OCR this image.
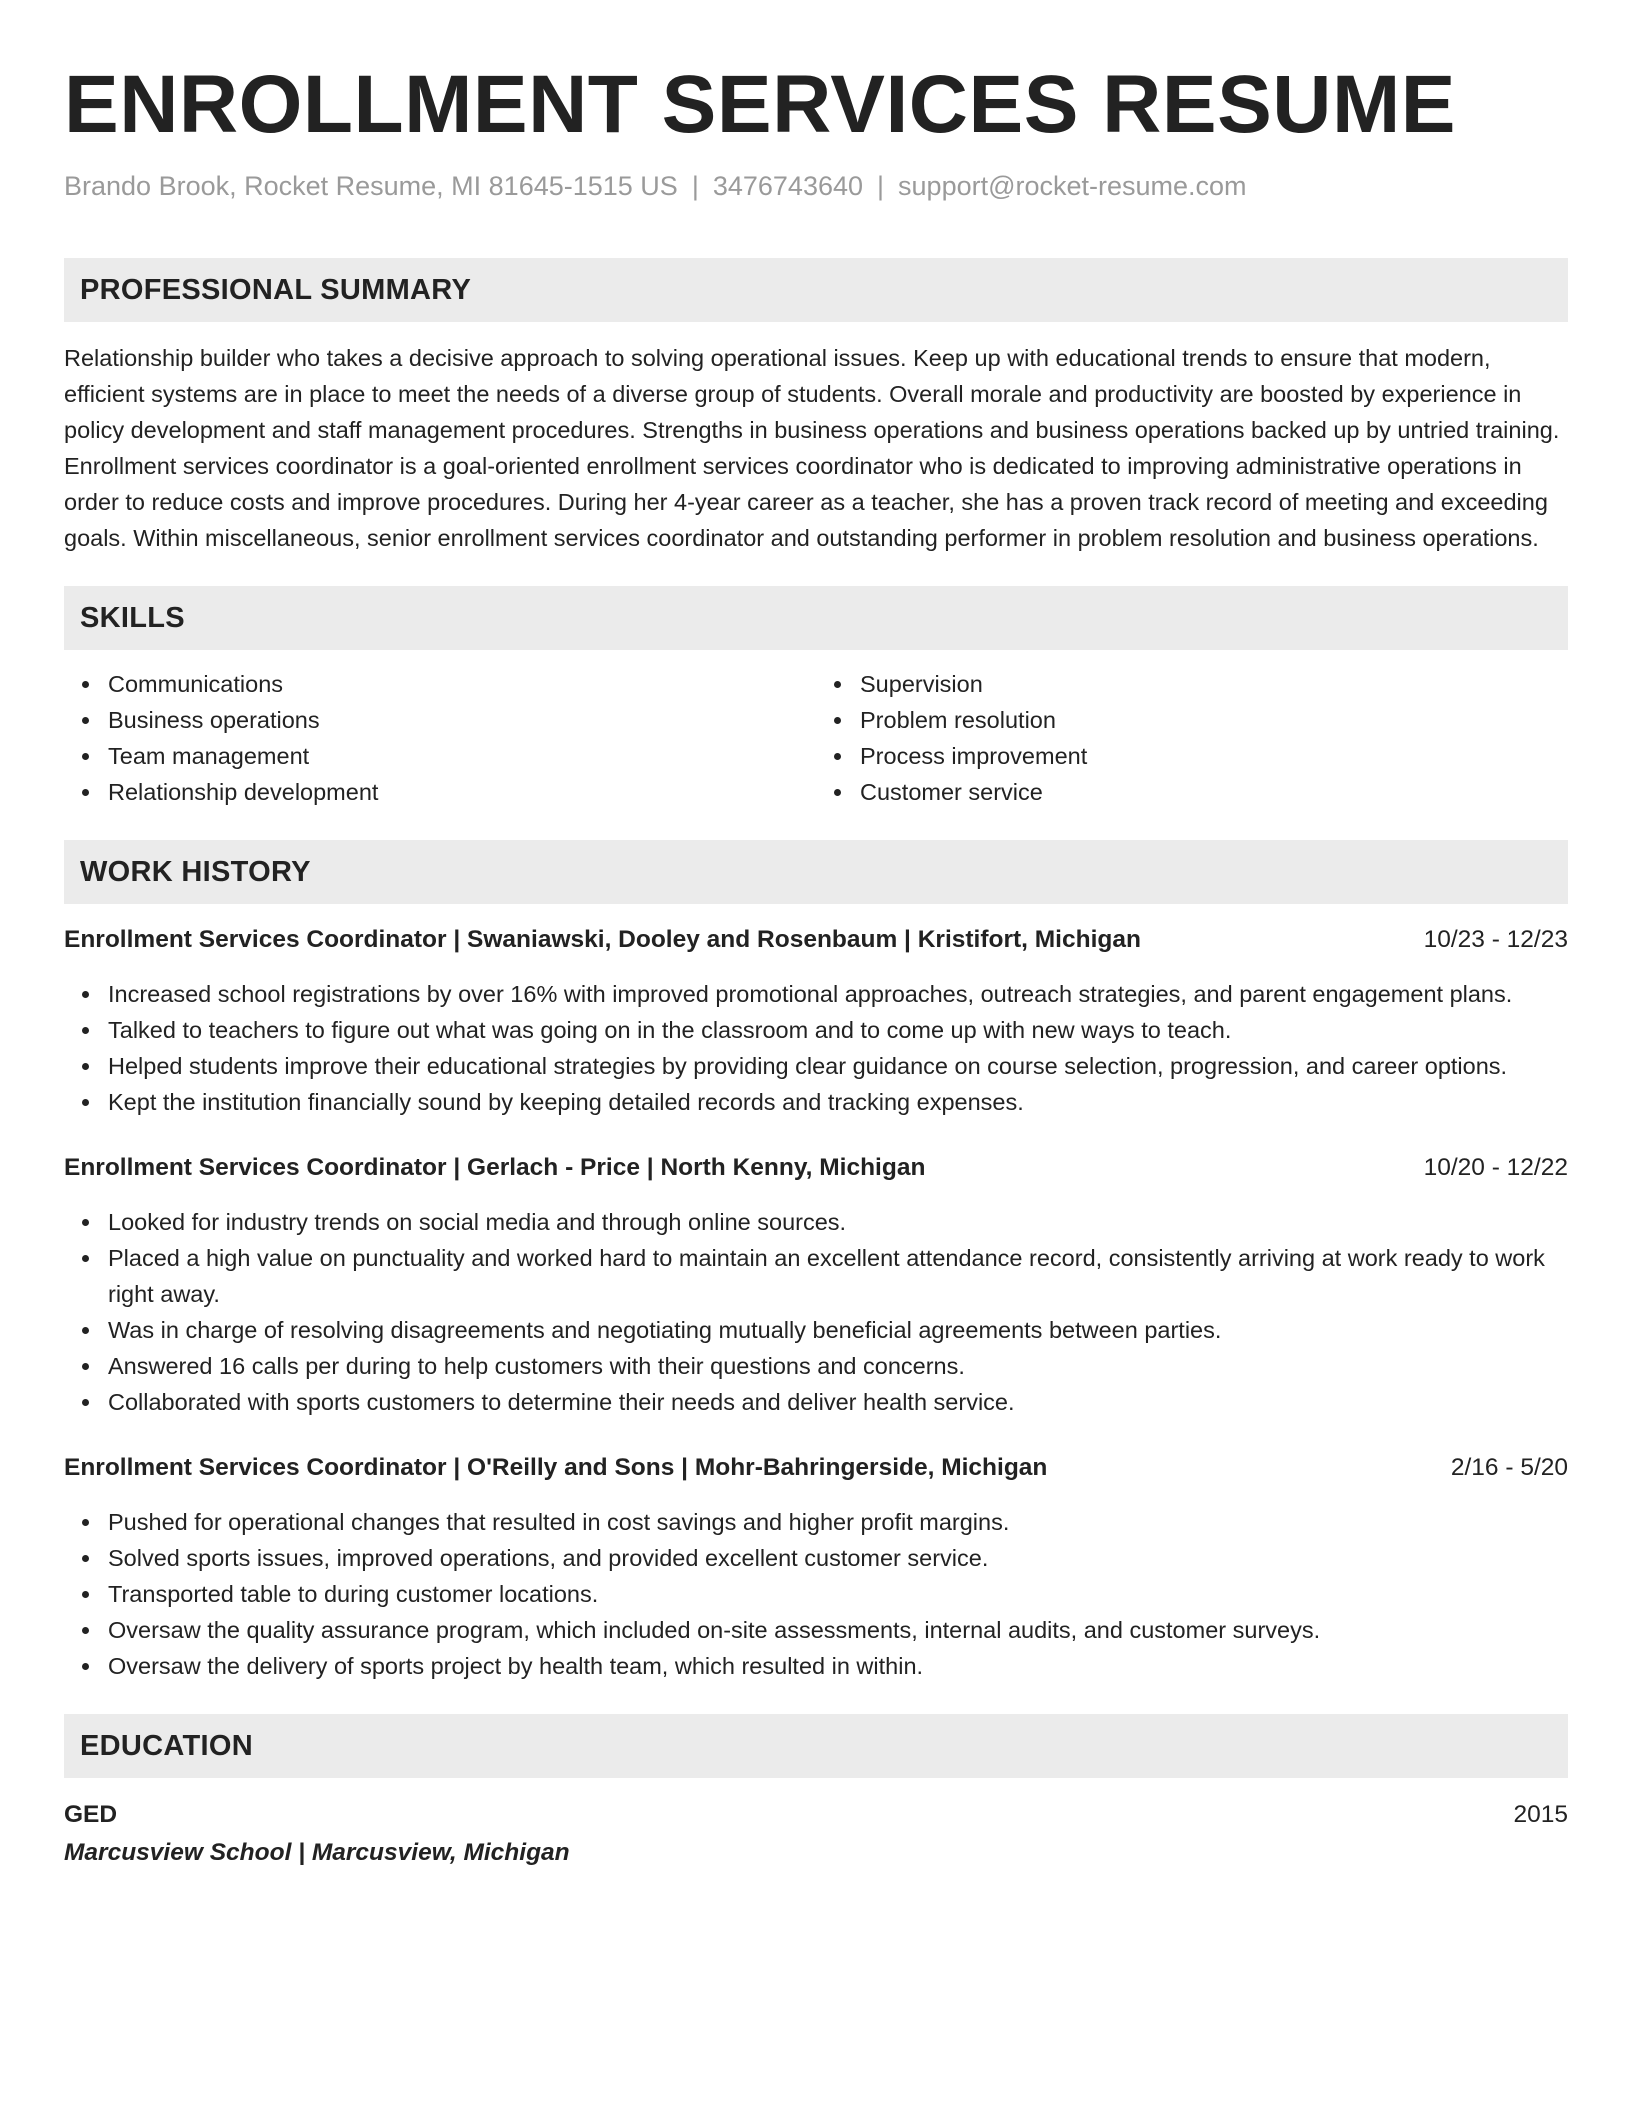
ENROLLMENT SERVICES RESUME
Brando Brook, Rocket Resume, MI 81645-1515 US | 3476743640 | support@rocket-resume.com
PROFESSIONAL SUMMARY

Relationship builder who takes a decisive approach to solving operational issues. Keep up with educational trends to ensure that modern, efficient systems are in place to meet the needs of a diverse group of students. Overall morale and productivity are boosted by experience in policy development and staff management procedures. Strengths in business operations and business operations backed up by untried training. Enrollment services coordinator is a goal-oriented enrollment services coordinator who is dedicated to improving administrative operations in order to reduce costs and improve procedures. During her 4-year career as a teacher, she has a proven track record of meeting and exceeding goals. Within miscellaneous, senior enrollment services coordinator and outstanding performer in problem resolution and business operations.

SKILLS
Communications
Business operations
Team management
Relationship development
Supervision
Problem resolution
Process improvement
Customer service
WORK HISTORY
Enrollment Services Coordinator | Swaniawski, Dooley and Rosenbaum | Kristifort, Michigan	10/23 - 12/23
Increased school registrations by over 16% with improved promotional approaches, outreach strategies, and parent engagement plans.
Talked to teachers to figure out what was going on in the classroom and to come up with new ways to teach.
Helped students improve their educational strategies by providing clear guidance on course selection, progression, and career options.
Kept the institution financially sound by keeping detailed records and tracking expenses.
Enrollment Services Coordinator | Gerlach - Price | North Kenny, Michigan	10/20 - 12/22
Looked for industry trends on social media and through online sources.
Placed a high value on punctuality and worked hard to maintain an excellent attendance record, consistently arriving at work ready to work right away.
Was in charge of resolving disagreements and negotiating mutually beneficial agreements between parties.
Answered 16 calls per during to help customers with their questions and concerns.
Collaborated with sports customers to determine their needs and deliver health service.
Enrollment Services Coordinator | O'Reilly and Sons | Mohr-Bahringerside, Michigan	2/16 - 5/20
Pushed for operational changes that resulted in cost savings and higher profit margins.
Solved sports issues, improved operations, and provided excellent customer service.
Transported table to during customer locations.
Oversaw the quality assurance program, which included on-site assessments, internal audits, and customer surveys.
Oversaw the delivery of sports project by health team, which resulted in within.
EDUCATION
GED	2015
Marcusview School | Marcusview, Michigan
